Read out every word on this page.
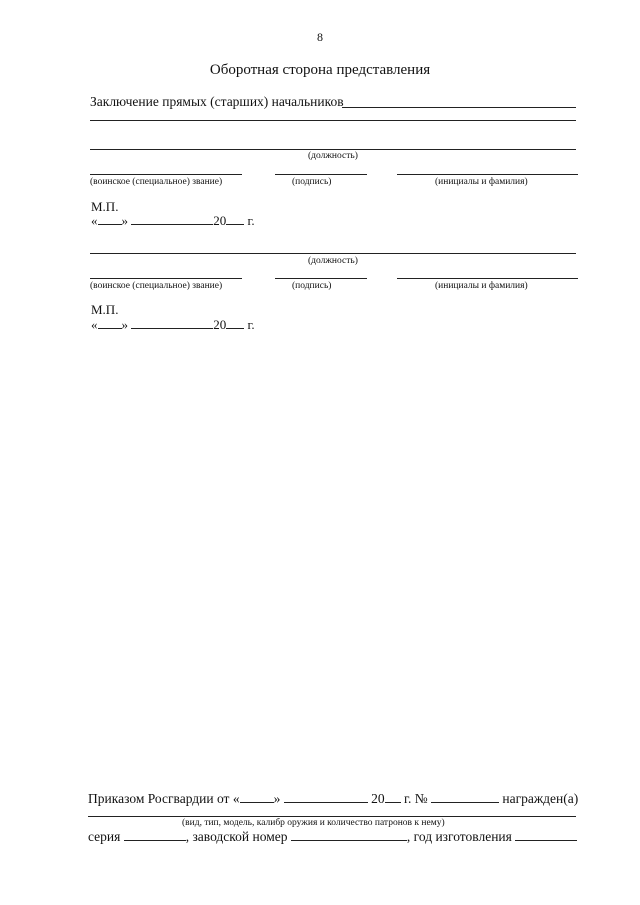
8
Оборотная сторона представления
Заключение прямых (старших) начальников
(должность)
(воинское (специальное) звание)	(подпись)	(инициалы и фамилия)
М.П.
« »	20 г.
(должность)
(воинское (специальное) звание)	(подпись)	(инициалы и фамилия)
М.П.
« »	20 г.
Приказом Росгвардии от «	»	20 г. №	награжден(а)
(вид, тип, модель, калибр оружия и количество патронов к нему)
серия	, заводской номер	, год изготовления
